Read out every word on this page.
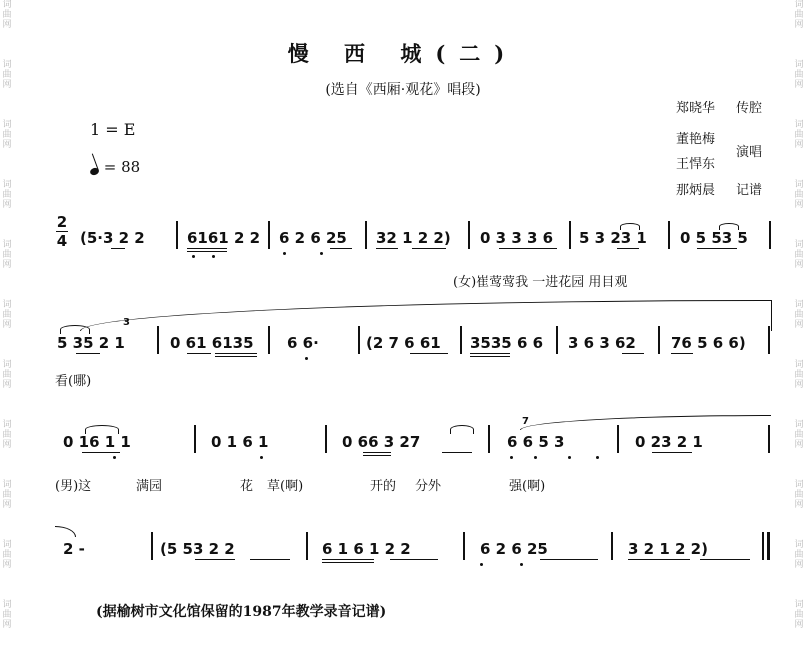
词
曲
网
词
曲
网
词
曲
网
词
曲
网
词
曲
网
词
曲
网
词
曲
网
词
曲
网
词
曲
网
词
曲
网
词
曲
网
词
曲
网
词
曲
网
词
曲
网
词
曲
网
词
曲
网
词
曲
网
词
曲
网
词
曲
网
词
曲
网
词
曲
网
词
曲
网
慢 西 城(二)
(选自《西厢·观花》唱段)
郑晓华 传腔
董艳梅
演唱
王悍东
那炳晨 记谱
1 = E
= 88
2
4 (5·3 2 2	6161 2 2 6 2 6 25 32 1 2 2) 0 3 3 3 6 5 3 23 1 0 5 53 5
(女)崔莺莺我 一进花园 用目观
5 35 2 1
3
0 61 6135 6 6·	(2 7 6 61 3535 6 6 3 6 3 62 76 5 6 6)
看(哪)
0 16 1 1	0 1 6 1	0 66 3 27
7
6 6 5 3	0 23 2 1
(男)这	满园	花 草(啊)	开的 分外	强(啊)
2 -	(5 53 2 2	6 1 6 1 2 2	6 2 6 25	3 2 1 2 2)
(据榆树市文化馆保留的1987年教学录音记谱)
